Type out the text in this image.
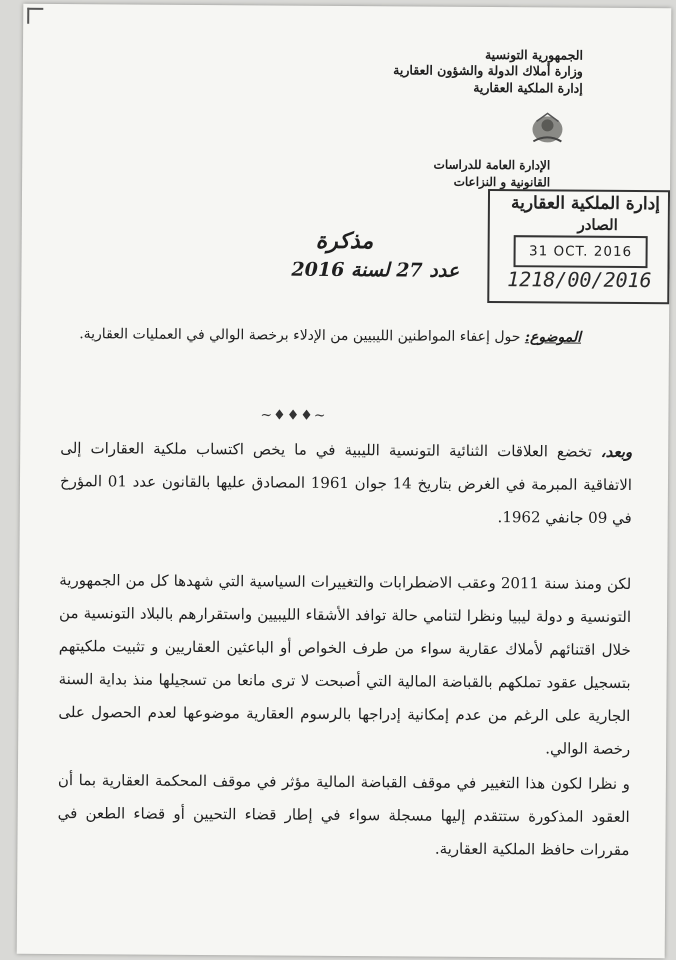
الجمهورية التونسية
وزارة أملاك الدولة والشؤون العقارية
إدارة الملكية العقارية
الإدارة العامة للدراسات
القانونية و النزاعات
إدارة الملكية العقارية
الصادر
31 OCT. 2016
1218/00/2016
مذكرة
عدد 27 لسنة 2016
الموضوع: حول إعفاء المواطنين الليبيين من الإدلاء برخصة الوالي في العمليات العقارية.
~♦♦♦~
وبعد، تخضع العلاقات الثنائية التونسية الليبية في ما يخص اكتساب ملكية العقارات إلى الاتفاقية المبرمة في الغرض بتاريخ 14 جوان 1961 المصادق عليها بالقانون عدد 01 المؤرخ في 09 جانفي 1962.
لكن ومنذ سنة 2011 وعقب الاضطرابات والتغييرات السياسية التي شهدها كل من الجمهورية التونسية و دولة ليبيا ونظرا لتنامي حالة توافد الأشقاء الليبيين واستقرارهم بالبلاد التونسية من خلال اقتنائهم لأملاك عقارية سواء من طرف الخواص أو الباعثين العقاريين و تثبيت ملكيتهم بتسجيل عقود تملكهم بالقباضة المالية التي أصبحت لا ترى مانعا من تسجيلها منذ بداية السنة الجارية على الرغم من عدم إمكانية إدراجها بالرسوم العقارية موضوعها لعدم الحصول على رخصة الوالي.
و نظرا لكون هذا التغيير في موقف القباضة المالية مؤثر في موقف المحكمة العقارية بما أن العقود المذكورة ستتقدم إليها مسجلة سواء في إطار قضاء التحيين أو قضاء الطعن في مقررات حافظ الملكية العقارية.
